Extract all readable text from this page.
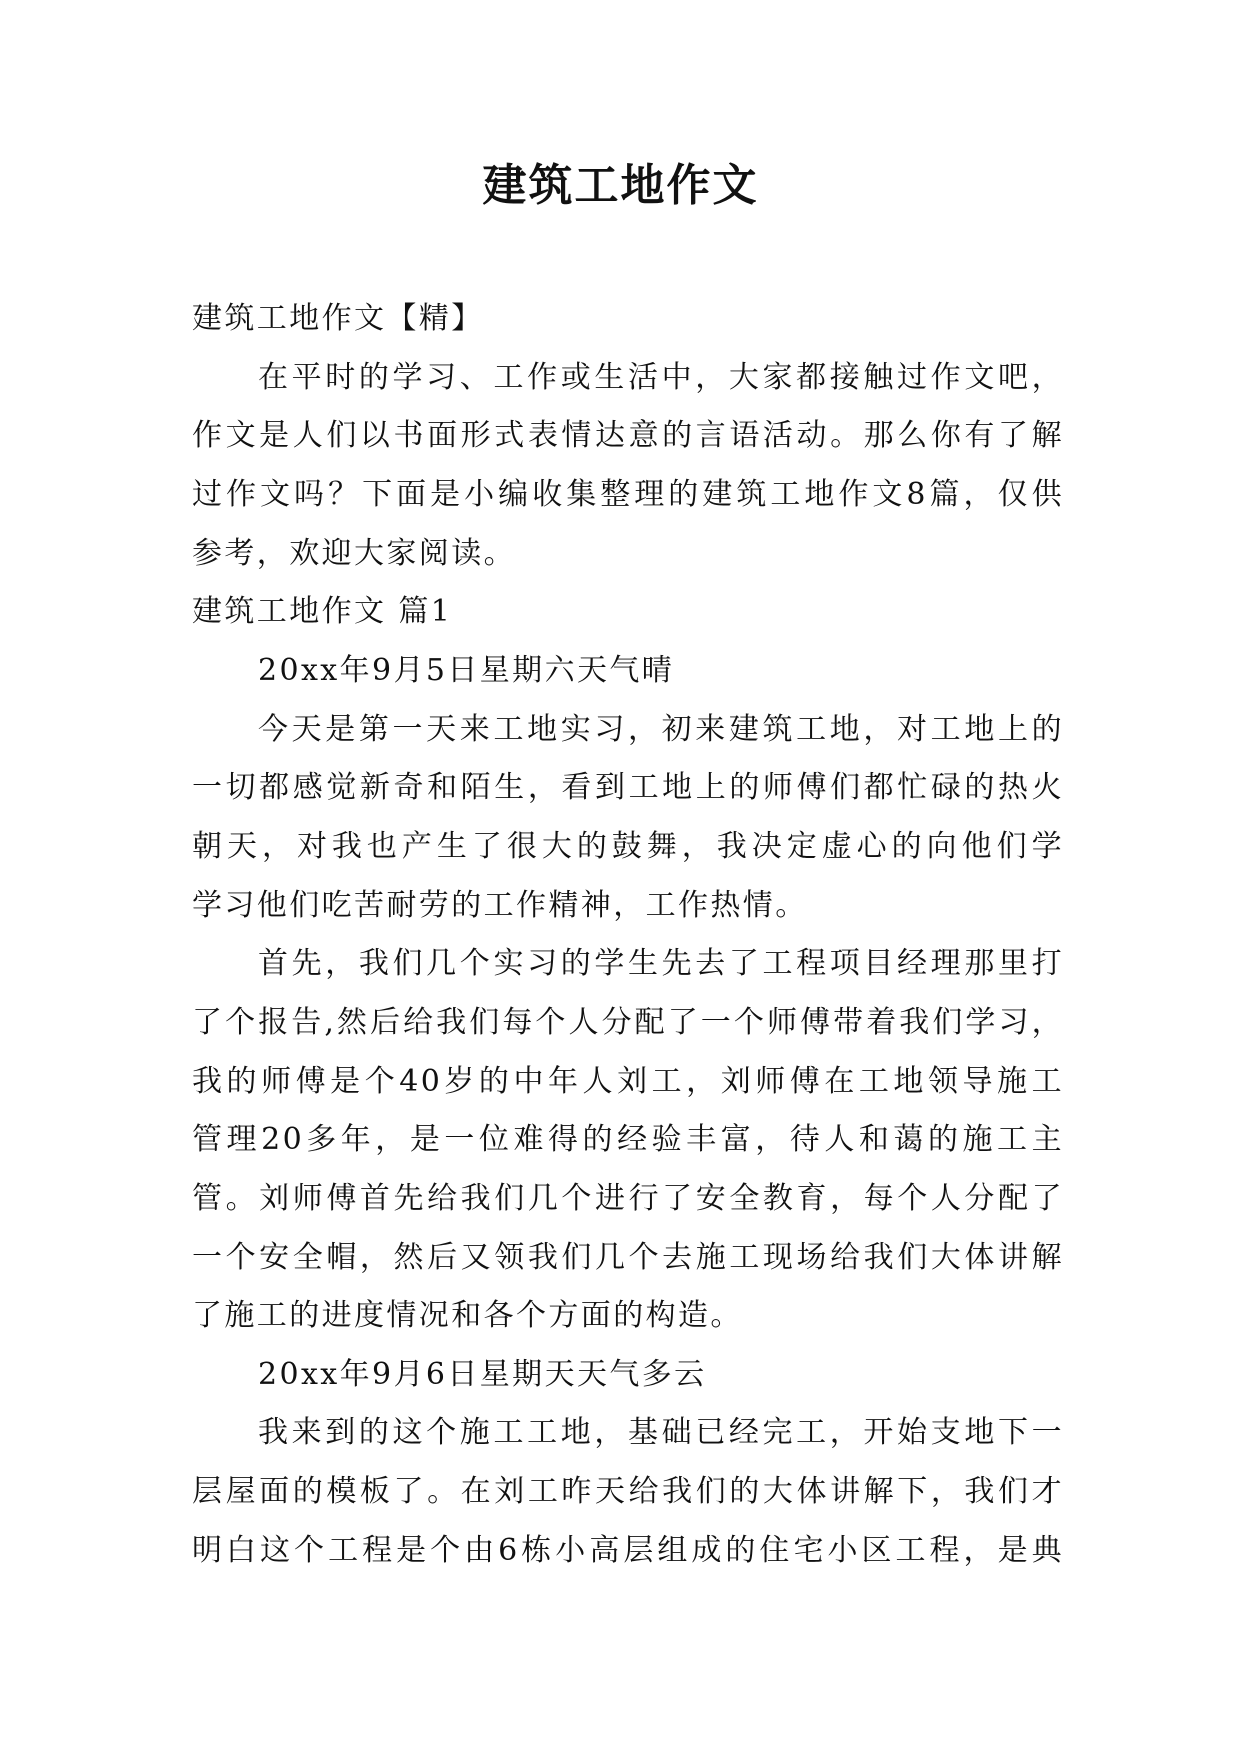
建筑工地作文
建筑工地作文【精】
在平时的学习、工作或生活中，大家都接触过作文吧，
作文是人们以书面形式表情达意的言语活动。那么你有了解
过作文吗？下面是小编收集整理的建筑工地作文8篇，仅供
参考，欢迎大家阅读。
建筑工地作文 篇1
20xx年9月5日星期六天气晴
今天是第一天来工地实习，初来建筑工地，对工地上的
一切都感觉新奇和陌生，看到工地上的师傅们都忙碌的热火
朝天，对我也产生了很大的鼓舞，我决定虚心的向他们学
学习他们吃苦耐劳的工作精神，工作热情。
首先，我们几个实习的学生先去了工程项目经理那里打
了个报告,然后给我们每个人分配了一个师傅带着我们学习，
我的师傅是个40岁的中年人刘工，刘师傅在工地领导施工
管理20多年，是一位难得的经验丰富，待人和蔼的施工主
管。刘师傅首先给我们几个进行了安全教育，每个人分配了
一个安全帽，然后又领我们几个去施工现场给我们大体讲解
了施工的进度情况和各个方面的构造。
20xx年9月6日星期天天气多云
我来到的这个施工工地，基础已经完工，开始支地下一
层屋面的模板了。在刘工昨天给我们的大体讲解下，我们才
明白这个工程是个由6栋小高层组成的住宅小区工程，是典
